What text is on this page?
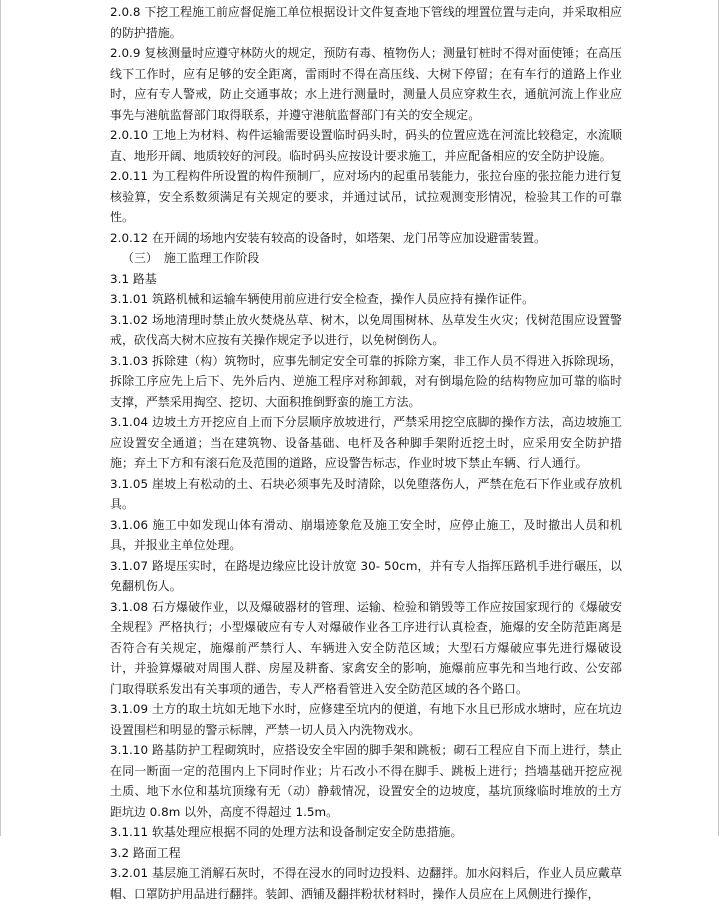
2.0.8 下挖工程施工前应督促施工单位根据设计文件复查地下管线的埋置位置与走向，并采取相应的防护措施。

2.0.9 复核测量时应遵守林防火的规定，预防有毒、植物伤人；测量钉桩时不得对面使锤；在高压线下工作时，应有足够的安全距离，雷雨时不得在高压线、大树下停留；在有车行的道路上作业时，应有专人警戒，防止交通事故；水上进行测量时，测量人员应穿救生衣，通航河流上作业应事先与港航监督部门取得联系，并遵守港航监督部门有关的安全规定。

2.0.10 工地上为材料、构件运输需要设置临时码头时，码头的位置应选在河流比较稳定，水流顺直、地形开阔、地质较好的河段。临时码头应按设计要求施工，并应配备相应的安全防护设施。

2.0.11 为工程构件所设置的构件预制厂，应对场内的起重吊装能力，张拉台座的张拉能力进行复核验算，安全系数须满足有关规定的要求，并通过试吊，试拉观测变形情况，检验其工作的可靠性。

2.0.12 在开阔的场地内安装有较高的设备时，如塔架、龙门吊等应加设避雷装置。

（三）　施工监理工作阶段

3.1 路基

3.1.01 筑路机械和运输车辆使用前应进行安全检查，操作人员应持有操作证件。

3.1.02 场地清理时禁止放火焚烧丛草、树木，以免周围树林、丛草发生火灾；伐树范围应设置警戒，砍伐高大树木应按有关操作规定予以进行，以免树倒伤人。

3.1.03 拆除建（构）筑物时，应事先制定安全可靠的拆除方案，非工作人员不得进入拆除现场，拆除工序应先上后下、先外后内、逆施工程序对称卸载，对有倒塌危险的结构物应加可靠的临时支撑，严禁采用掏空、挖切、大面积推倒野蛮的施工方法。

3.1.04 边坡土方开挖应自上而下分层顺序放坡进行，严禁采用挖空底脚的操作方法，高边坡施工应设置安全通道；当在建筑物、设备基础、电杆及各种脚手架附近挖土时，应采用安全防护措施；弃土下方和有滚石危及范围的道路，应设警告标志，作业时坡下禁止车辆、行人通行。

3.1.05 崖坡上有松动的土、石块必须事先及时清除，以免堕落伤人，严禁在危石下作业或存放机具。

3.1.06 施工中如发现山体有滑动、崩塌迹象危及施工安全时，应停止施工，及时撤出人员和机具，并报业主单位处理。

3.1.07 路堤压实时，在路堤边缘应比设计放宽 30- 50cm，并有专人指挥压路机手进行碾压，以免翻机伤人。

3.1.08 石方爆破作业，以及爆破器材的管理、运输、检验和销毁等工作应按国家现行的《爆破安全规程》严格执行；小型爆破应有专人对爆破作业各工序进行认真检查，施爆的安全防范距离是否符合有关规定，施爆前严禁行人、车辆进入安全防范区域；大型石方爆破应事先进行爆破设计，并验算爆破对周围人群、房屋及耕畜、家禽安全的影响，施爆前应事先和当地行政、公安部门取得联系发出有关事项的通告，专人严格看管进入安全防范区域的各个路口。

3.1.09 土方的取土坑如无地下水时，应修建至坑内的便道，有地下水且已形成水塘时，应在坑边设置围栏和明显的警示标牌，严禁一切人员入内洗物戏水。

3.1.10 路基防护工程砌筑时，应搭设安全牢固的脚手架和跳板；砌石工程应自下而上进行，禁止在同一断面一定的范围内上下同时作业；片石改小不得在脚手、跳板上进行；挡墙基础开挖应视土质、地下水位和基坑顶缘有无（动）静载情况，设置安全的边坡度，基坑顶缘临时堆放的土方距坑边 0.8m 以外，高度不得超过 1.5m。

3.1.11 软基处理应根据不同的处理方法和设备制定安全防患措施。

3.2 路面工程

3.2.01 基层施工消解石灰时，不得在浸水的同时边投料、边翻拌。加水闷料后，作业人员应戴草帽、口罩防护用品进行翻拌。装卸、洒铺及翻拌粉状材料时，操作人员应在上风侧进行操作，
